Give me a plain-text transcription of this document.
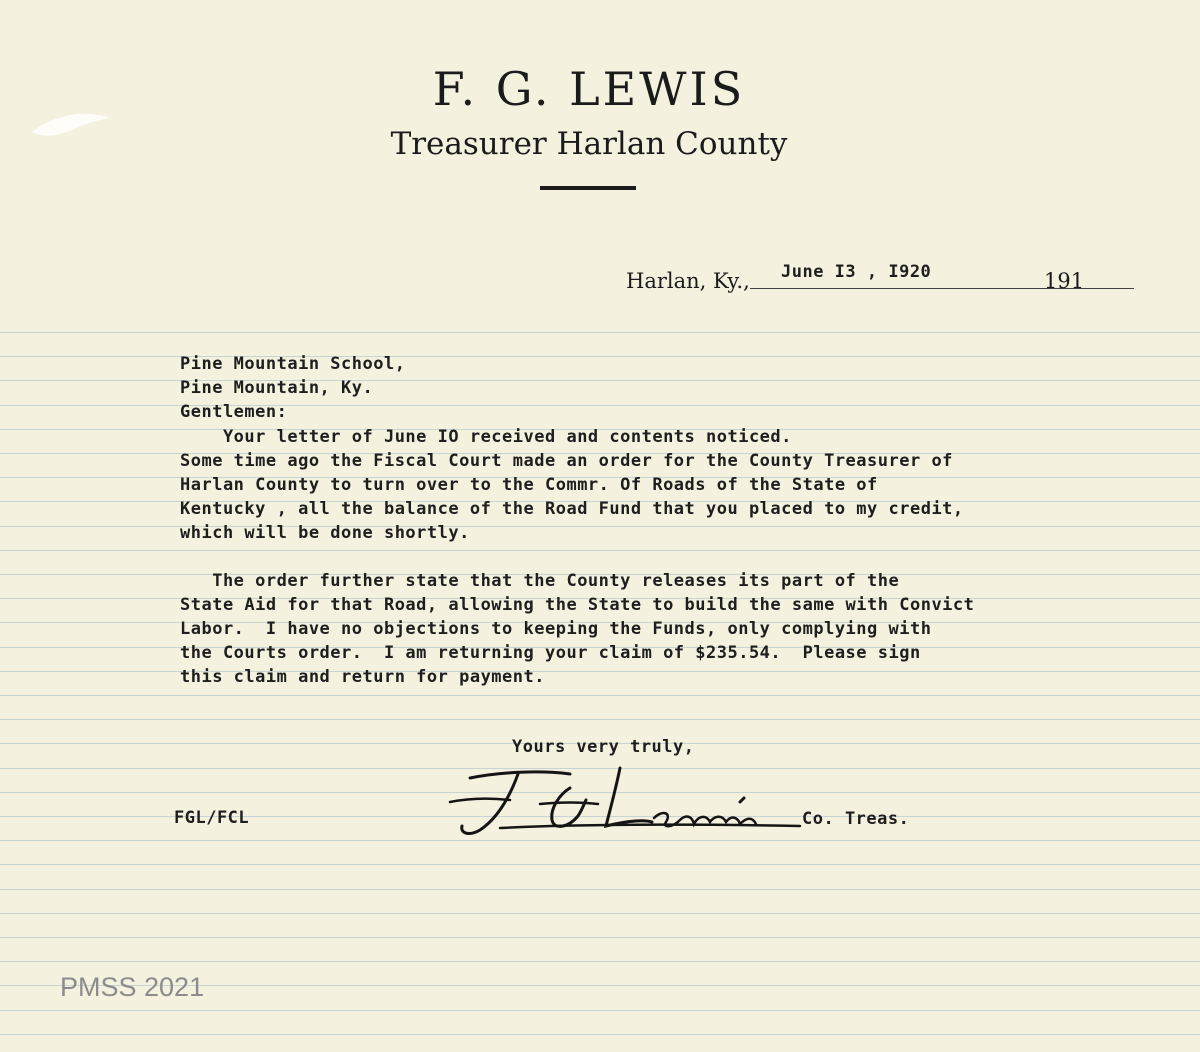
F. G. LEWIS
Treasurer Harlan County
Harlan, Ky., June I3 , I920	191
Pine Mountain School,
Pine Mountain, Ky.
Gentlemen:
Your letter of June IO received and contents noticed.
Some time ago the Fiscal Court made an order for the County Treasurer of
Harlan County to turn over to the Commr. Of Roads of the State of
Kentucky , all the balance of the Road Fund that you placed to my credit,
which will be done shortly.
The order further state that the County releases its part of the
State Aid for that Road, allowing the State to build the same with Convict
Labor.  I have no objections to keeping the Funds, only complying with
the Courts order.  I am returning your claim of $235.54.  Please sign
this claim and return for payment.
Yours very truly,
FGL/FCL	Co. Treas.
PMSS 2021
